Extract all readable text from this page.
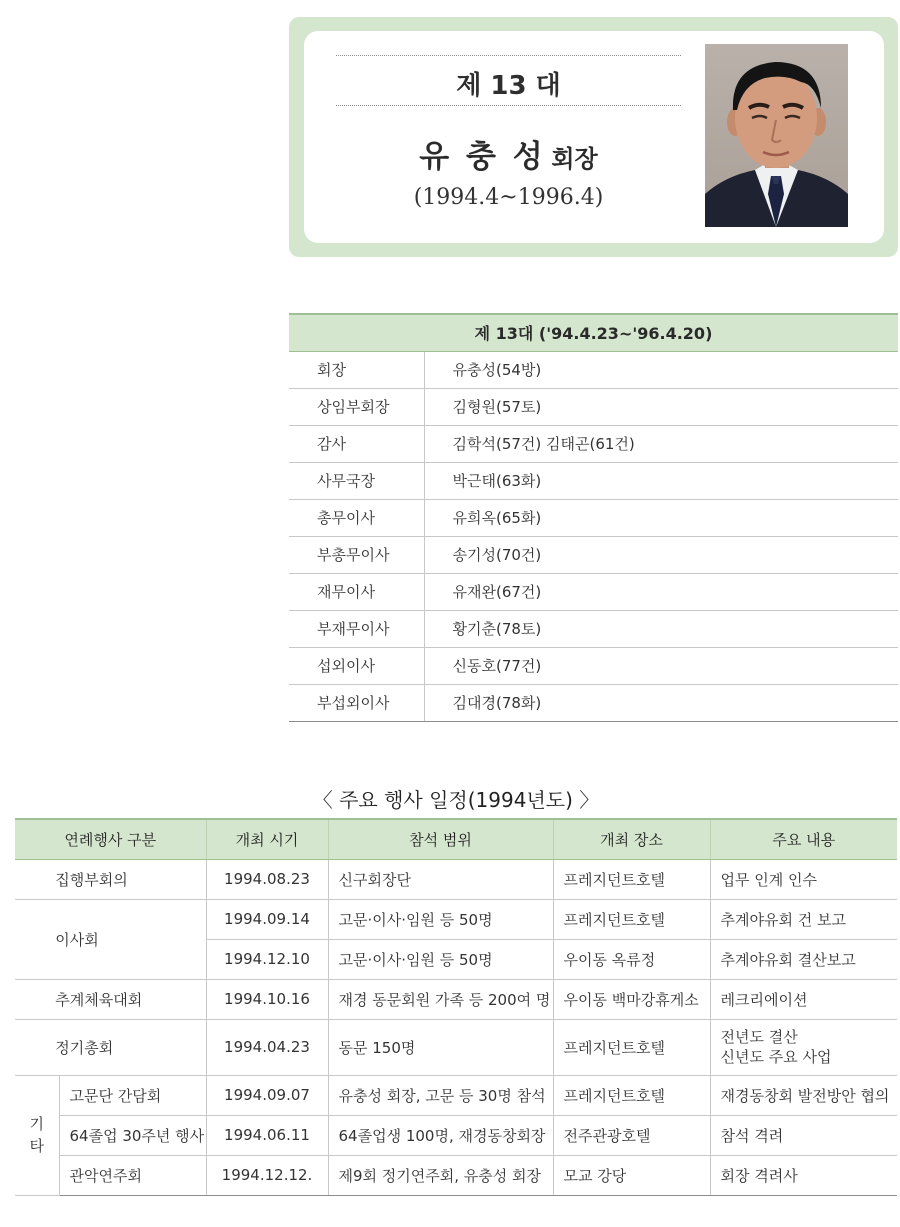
제 13 대
유 충 성 회장
(1994.4~1996.4)
제 13대 ('94.4.23~'96.4.20)	

회장	유충성(54방)

상임부회장	김형원(57토)

감사	김학석(57건) 김태곤(61건)

사무국장	박근태(63화)

총무이사	유희옥(65화)

부총무이사	송기성(70건)

재무이사	유재완(67건)

부재무이사	황기춘(78토)

섭외이사	신동호(77건)

부섭외이사	김대경(78화)
〈 주요 행사 일정(1994년도) 〉
연례행사 구분		개최 시기	참석 범위	개최 장소	주요 내용
집행부회의		1994.08.23	신구회장단	프레지던트호텔	업무 인계 인수
이사회		1994.09.14	고문·이사·임원 등 50명	프레지던트호텔	추계야유회 건 보고
		1994.12.10	고문·이사·임원 등 50명	우이동 옥류정	추계야유회 결산보고
추계체육대회		1994.10.16	재경 동문회원 가족 등 200여 명	우이동 백마강휴게소	레크리에이션
정기총회		1994.04.23	동문 150명	프레지던트호텔	전년도 결산
신년도 주요 사업

기타	고문단 간담회	1994.09.07	유충성 회장, 고문 등 30명 참석	프레지던트호텔	재경동창회 발전방안 협의
	64졸업 30주년 행사	1994.06.11	64졸업생 100명, 재경동창회장	전주관광호텔	참석 격려
	관악연주회	1994.12.12.	제9회 정기연주회, 유충성 회장	모교 강당	회장 격려사
